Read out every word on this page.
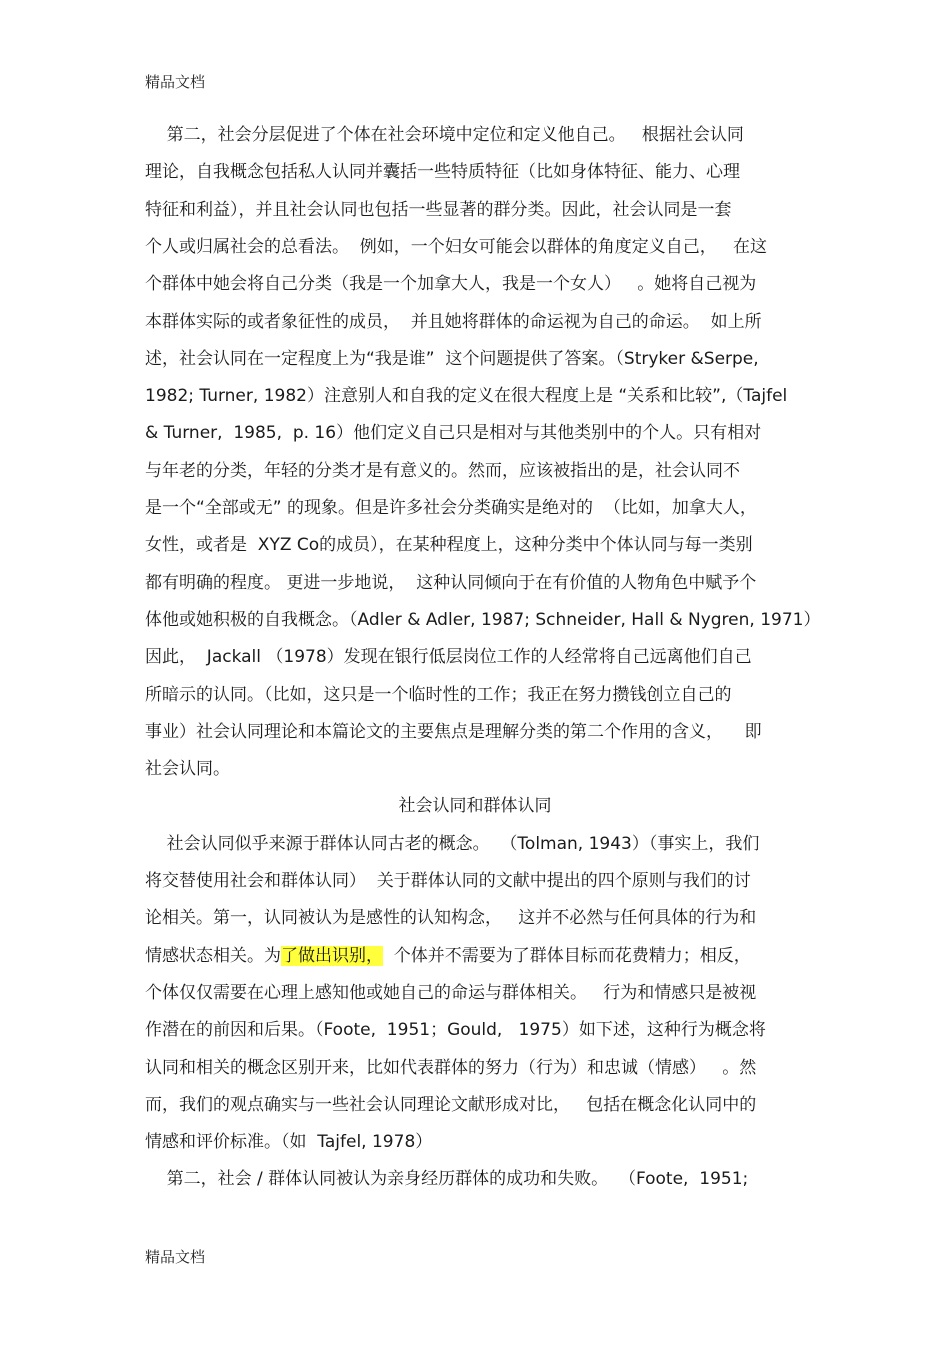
精品文档
第二，社会分层促进了个体在社会环境中定位和定义他自己。   根据社会认同
理论，自我概念包括私人认同并囊括一些特质特征（比如身体特征、能力、心理
特征和利益），并且社会认同也包括一些显著的群分类。因此，社会认同是一套
个人或归属社会的总看法。  例如，一个妇女可能会以群体的角度定义自己，   在这
个群体中她会将自己分类（我是一个加拿大人，我是一个女人）   。她将自己视为
本群体实际的或者象征性的成员，  并且她将群体的命运视为自己的命运。  如上所
述，社会认同在一定程度上为“我是谁”  这个问题提供了答案。（Stryker &Serpe,
1982; Turner, 1982）注意别人和自我的定义在很大程度上是 “关系和比较”,（Tajfel
& Turner,  1985,  p. 16）他们定义自己只是相对与其他类别中的个人。只有相对
与年老的分类，年轻的分类才是有意义的。然而，应该被指出的是，社会认同不
是一个“全部或无” 的现象。但是许多社会分类确实是绝对的  （比如，加拿大人，
女性，或者是  XYZ Co的成员），在某种程度上，这种分类中个体认同与每一类别
都有明确的程度。 更进一步地说，  这种认同倾向于在有价值的人物角色中赋予个
体他或她积极的自我概念。（Adler & Adler, 1987; Schneider, Hall & Nygren, 1971）
因此，  Jackall （1978）发现在银行低层岗位工作的人经常将自己远离他们自己
所暗示的认同。（比如，这只是一个临时性的工作；我正在努力攒钱创立自己的
事业）社会认同理论和本篇论文的主要焦点是理解分类的第二个作用的含义，    即
社会认同。
社会认同和群体认同
社会认同似乎来源于群体认同古老的概念。  （Tolman, 1943）（事实上，我们
将交替使用社会和群体认同）  关于群体认同的文献中提出的四个原则与我们的讨
论相关。第一，认同被认为是感性的认知构念，   这并不必然与任何具体的行为和
情感状态相关。为了做出识别，  个体并不需要为了群体目标而花费精力；相反，
个体仅仅需要在心理上感知他或她自己的命运与群体相关。   行为和情感只是被视
作潜在的前因和后果。（Foote,  1951；Gould,   1975）如下述，这种行为概念将
认同和相关的概念区别开来，比如代表群体的努力（行为）和忠诚（情感）   。然
而，我们的观点确实与一些社会认同理论文献形成对比，   包括在概念化认同中的
情感和评价标准。（如  Tajfel, 1978）
第二，社会 / 群体认同被认为亲身经历群体的成功和失败。  （Foote,  1951;
精品文档
